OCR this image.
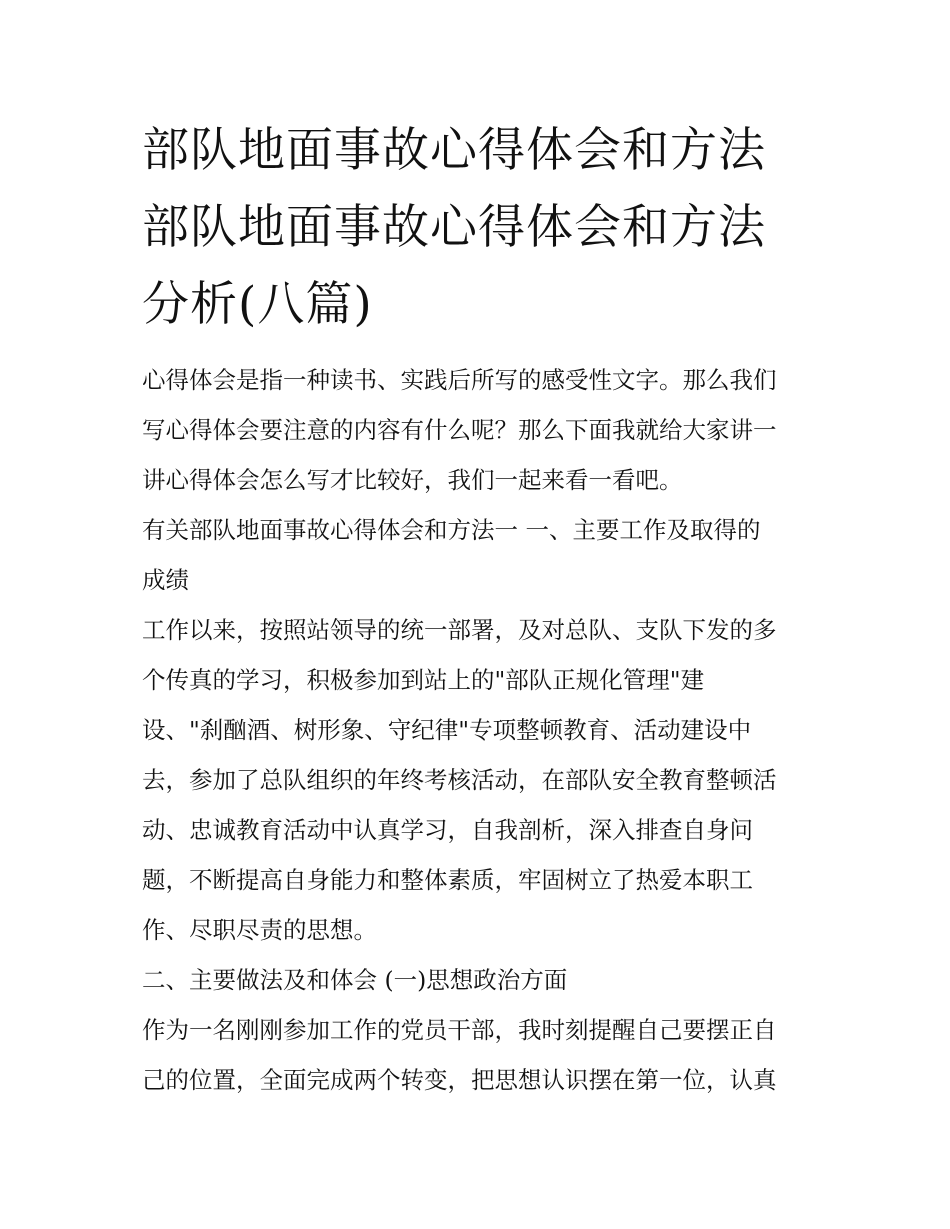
部队地面事故心得体会和方法
部队地面事故心得体会和方法
分析(八篇)

心得体会是指一种读书、实践后所写的感受性文字。那么我们

写心得体会要注意的内容有什么呢？那么下面我就给大家讲一

讲心得体会怎么写才比较好，我们一起来看一看吧。

有关部队地面事故心得体会和方法一 一、主要工作及取得的

成绩

工作以来，按照站领导的统一部署，及对总队、支队下发的多

个传真的学习，积极参加到站上的"部队正规化管理"建

设、"刹酗酒、树形象、守纪律"专项整顿教育、活动建设中

去，参加了总队组织的年终考核活动，在部队安全教育整顿活

动、忠诚教育活动中认真学习，自我剖析，深入排查自身问

题，不断提高自身能力和整体素质，牢固树立了热爱本职工

作、尽职尽责的思想。

二、主要做法及和体会 (一)思想政治方面

作为一名刚刚参加工作的党员干部，我时刻提醒自己要摆正自

己的位置，全面完成两个转变，把思想认识摆在第一位，认真
